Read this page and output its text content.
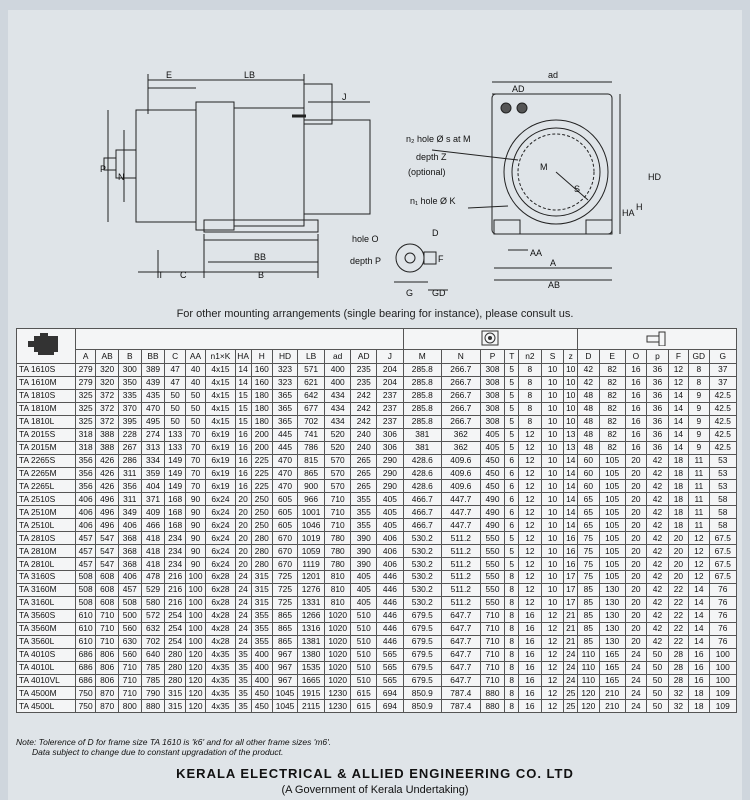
E	LB
J
P
N
BB
T C	B
ad
AD
HD
H
HA
A
AB
AA
M
S
D
F
G GD
hole O
depth P
n₂ hole Ø s at M
depth Z
(optional)
n₁ hole Ø K
For other mounting arrangements (single bearing for instance), please consult us.

	A	AB	B	BB	C	AA	n1×K	HA	H	HD	LB	ad	AD	J	M	N	P	T	n2	S	z	D	E	O	p	F	GD	G
TA 1610S	279	320	300	389	47	40	4x15	14	160	323	571	400	235	204	285.8	266.7	308	5	8	10	10	42	82	16	36	12	8	37
TA 1610M	279	320	350	439	47	40	4x15	14	160	323	621	400	235	204	285.8	266.7	308	5	8	10	10	42	82	16	36	12	8	37
TA 1810S	325	372	335	435	50	50	4x15	15	180	365	642	434	242	237	285.8	266.7	308	5	8	10	10	48	82	16	36	14	9	42.5
TA 1810M	325	372	370	470	50	50	4x15	15	180	365	677	434	242	237	285.8	266.7	308	5	8	10	10	48	82	16	36	14	9	42.5
TA 1810L	325	372	395	495	50	50	4x15	15	180	365	702	434	242	237	285.8	266.7	308	5	8	10	10	48	82	16	36	14	9	42.5
TA 2015S	318	388	228	274	133	70	6x19	16	200	445	741	520	240	306	381	362	405	5	12	10	13	48	82	16	36	14	9	42.5
TA 2015M	318	388	267	313	133	70	6x19	16	200	445	786	520	240	306	381	362	405	5	12	10	13	48	82	16	36	14	9	42.5
TA 2265S	356	426	286	334	149	70	6x19	16	225	470	815	570	265	290	428.6	409.6	450	6	12	10	14	60	105	20	42	18	11	53
TA 2265M	356	426	311	359	149	70	6x19	16	225	470	865	570	265	290	428.6	409.6	450	6	12	10	14	60	105	20	42	18	11	53
TA 2265L	356	426	356	404	149	70	6x19	16	225	470	900	570	265	290	428.6	409.6	450	6	12	10	14	60	105	20	42	18	11	53
TA 2510S	406	496	311	371	168	90	6x24	20	250	605	966	710	355	405	466.7	447.7	490	6	12	10	14	65	105	20	42	18	11	58
TA 2510M	406	496	349	409	168	90	6x24	20	250	605	1001	710	355	405	466.7	447.7	490	6	12	10	14	65	105	20	42	18	11	58
TA 2510L	406	496	406	466	168	90	6x24	20	250	605	1046	710	355	405	466.7	447.7	490	6	12	10	14	65	105	20	42	18	11	58
TA 2810S	457	547	368	418	234	90	6x24	20	280	670	1019	780	390	406	530.2	511.2	550	5	12	10	16	75	105	20	42	20	12	67.5
TA 2810M	457	547	368	418	234	90	6x24	20	280	670	1059	780	390	406	530.2	511.2	550	5	12	10	16	75	105	20	42	20	12	67.5
TA 2810L	457	547	368	418	234	90	6x24	20	280	670	1119	780	390	406	530.2	511.2	550	5	12	10	16	75	105	20	42	20	12	67.5
TA 3160S	508	608	406	478	216	100	6x28	24	315	725	1201	810	405	446	530.2	511.2	550	8	12	10	17	75	105	20	42	20	12	67.5
TA 3160M	508	608	457	529	216	100	6x28	24	315	725	1276	810	405	446	530.2	511.2	550	8	12	10	17	85	130	20	42	22	14	76
TA 3160L	508	608	508	580	216	100	6x28	24	315	725	1331	810	405	446	530.2	511.2	550	8	12	10	17	85	130	20	42	22	14	76
TA 3560S	610	710	500	572	254	100	4x28	24	355	865	1266	1020	510	446	679.5	647.7	710	8	16	12	21	85	130	20	42	22	14	76
TA 3560M	610	710	560	632	254	100	4x28	24	355	865	1316	1020	510	446	679.5	647.7	710	8	16	12	21	85	130	20	42	22	14	76
TA 3560L	610	710	630	702	254	100	4x28	24	355	865	1381	1020	510	446	679.5	647.7	710	8	16	12	21	85	130	20	42	22	14	76
TA 4010S	686	806	560	640	280	120	4x35	35	400	967	1380	1020	510	565	679.5	647.7	710	8	16	12	24	110	165	24	50	28	16	100
TA 4010L	686	806	710	785	280	120	4x35	35	400	967	1535	1020	510	565	679.5	647.7	710	8	16	12	24	110	165	24	50	28	16	100
TA 4010VL	686	806	710	785	280	120	4x35	35	400	967	1665	1020	510	565	679.5	647.7	710	8	16	12	24	110	165	24	50	28	16	100
TA 4500M	750	870	710	790	315	120	4x35	35	450	1045	1915	1230	615	694	850.9	787.4	880	8	16	12	25	120	210	24	50	32	18	109
TA 4500L	750	870	800	880	315	120	4x35	35	450	1045	2115	1230	615	694	850.9	787.4	880	8	16	12	25	120	210	24	50	32	18	109
Note: Tolerence of D for frame size TA 1610 is 'k6' and for all other frame sizes 'm6'.
Data subject to change due to constant upgradation of the product.
KERALA ELECTRICAL & ALLIED ENGINEERING CO. LTD
(A Government of Kerala Undertaking)
